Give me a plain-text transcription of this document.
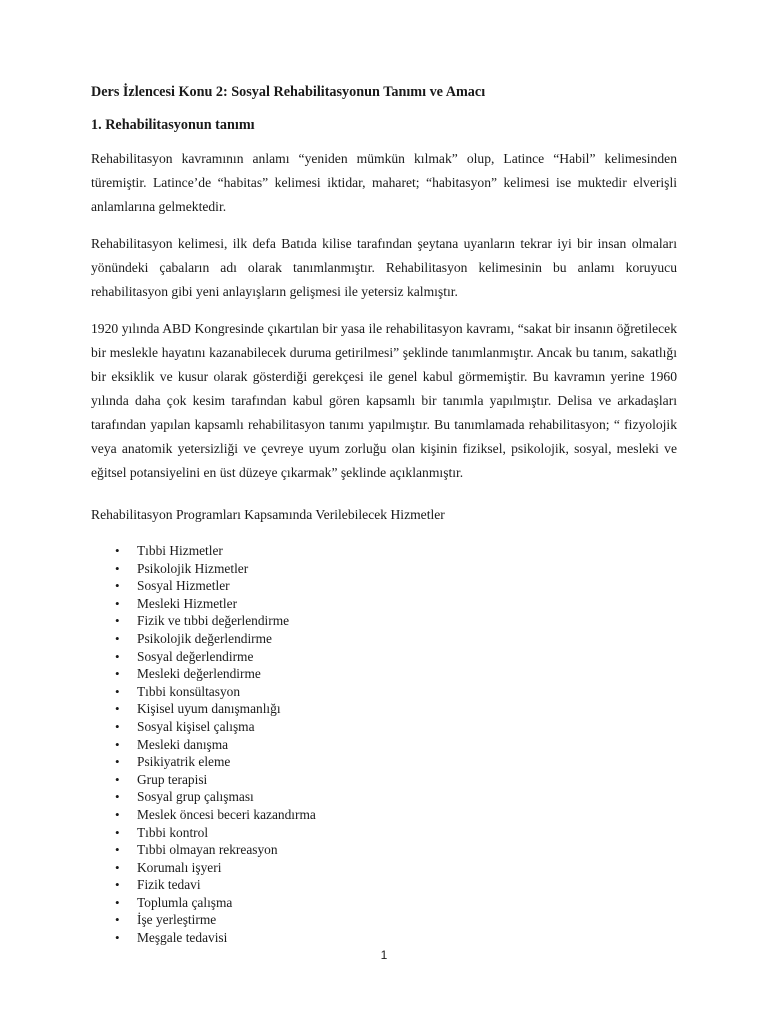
Ders İzlencesi Konu 2: Sosyal Rehabilitasyonun Tanımı ve Amacı
1. Rehabilitasyonun tanımı

Rehabilitasyon kavramının anlamı “yeniden mümkün kılmak” olup, Latince “Habil” kelimesinden türemiştir. Latince’de “habitas” kelimesi iktidar, maharet; “habitasyon” kelimesi ise muktedir elverişli anlamlarına gelmektedir.

Rehabilitasyon kelimesi, ilk defa Batıda kilise tarafından şeytana uyanların tekrar iyi bir insan olmaları yönündeki çabaların adı olarak tanımlanmıştır. Rehabilitasyon kelimesinin bu anlamı koruyucu rehabilitasyon gibi yeni anlayışların gelişmesi ile yetersiz kalmıştır.

1920 yılında ABD Kongresinde çıkartılan bir yasa ile rehabilitasyon kavramı, “sakat bir insanın öğretilecek bir meslekle hayatını kazanabilecek duruma getirilmesi” şeklinde tanımlanmıştır. Ancak bu tanım, sakatlığı bir eksiklik ve kusur olarak gösterdiği gerekçesi ile genel kabul görmemiştir. Bu kavramın yerine 1960 yılında daha çok kesim tarafından kabul gören kapsamlı bir tanımla yapılmıştır. Delisa ve arkadaşları tarafından yapılan kapsamlı rehabilitasyon tanımı yapılmıştır. Bu tanımlamada rehabilitasyon; “ fizyolojik veya anatomik yetersizliği ve çevreye uyum zorluğu olan kişinin fiziksel, psikolojik, sosyal, mesleki ve eğitsel potansiyelini en üst düzeye çıkarmak” şeklinde açıklanmıştır.

Rehabilitasyon Programları Kapsamında Verilebilecek Hizmetler
• Tıbbi Hizmetler
• Psikolojik Hizmetler
• Sosyal Hizmetler
• Mesleki Hizmetler
• Fizik ve tıbbi değerlendirme
• Psikolojik değerlendirme
• Sosyal değerlendirme
• Mesleki değerlendirme
• Tıbbi konsültasyon
• Kişisel uyum danışmanlığı
• Sosyal kişisel çalışma
• Mesleki danışma
• Psikiyatrik eleme
• Grup terapisi
• Sosyal grup çalışması
• Meslek öncesi beceri kazandırma
• Tıbbi kontrol
• Tıbbi olmayan rekreasyon
• Korumalı işyeri
• Fizik tedavi
• Toplumla çalışma
• İşe yerleştirme
• Meşgale tedavisi
1
